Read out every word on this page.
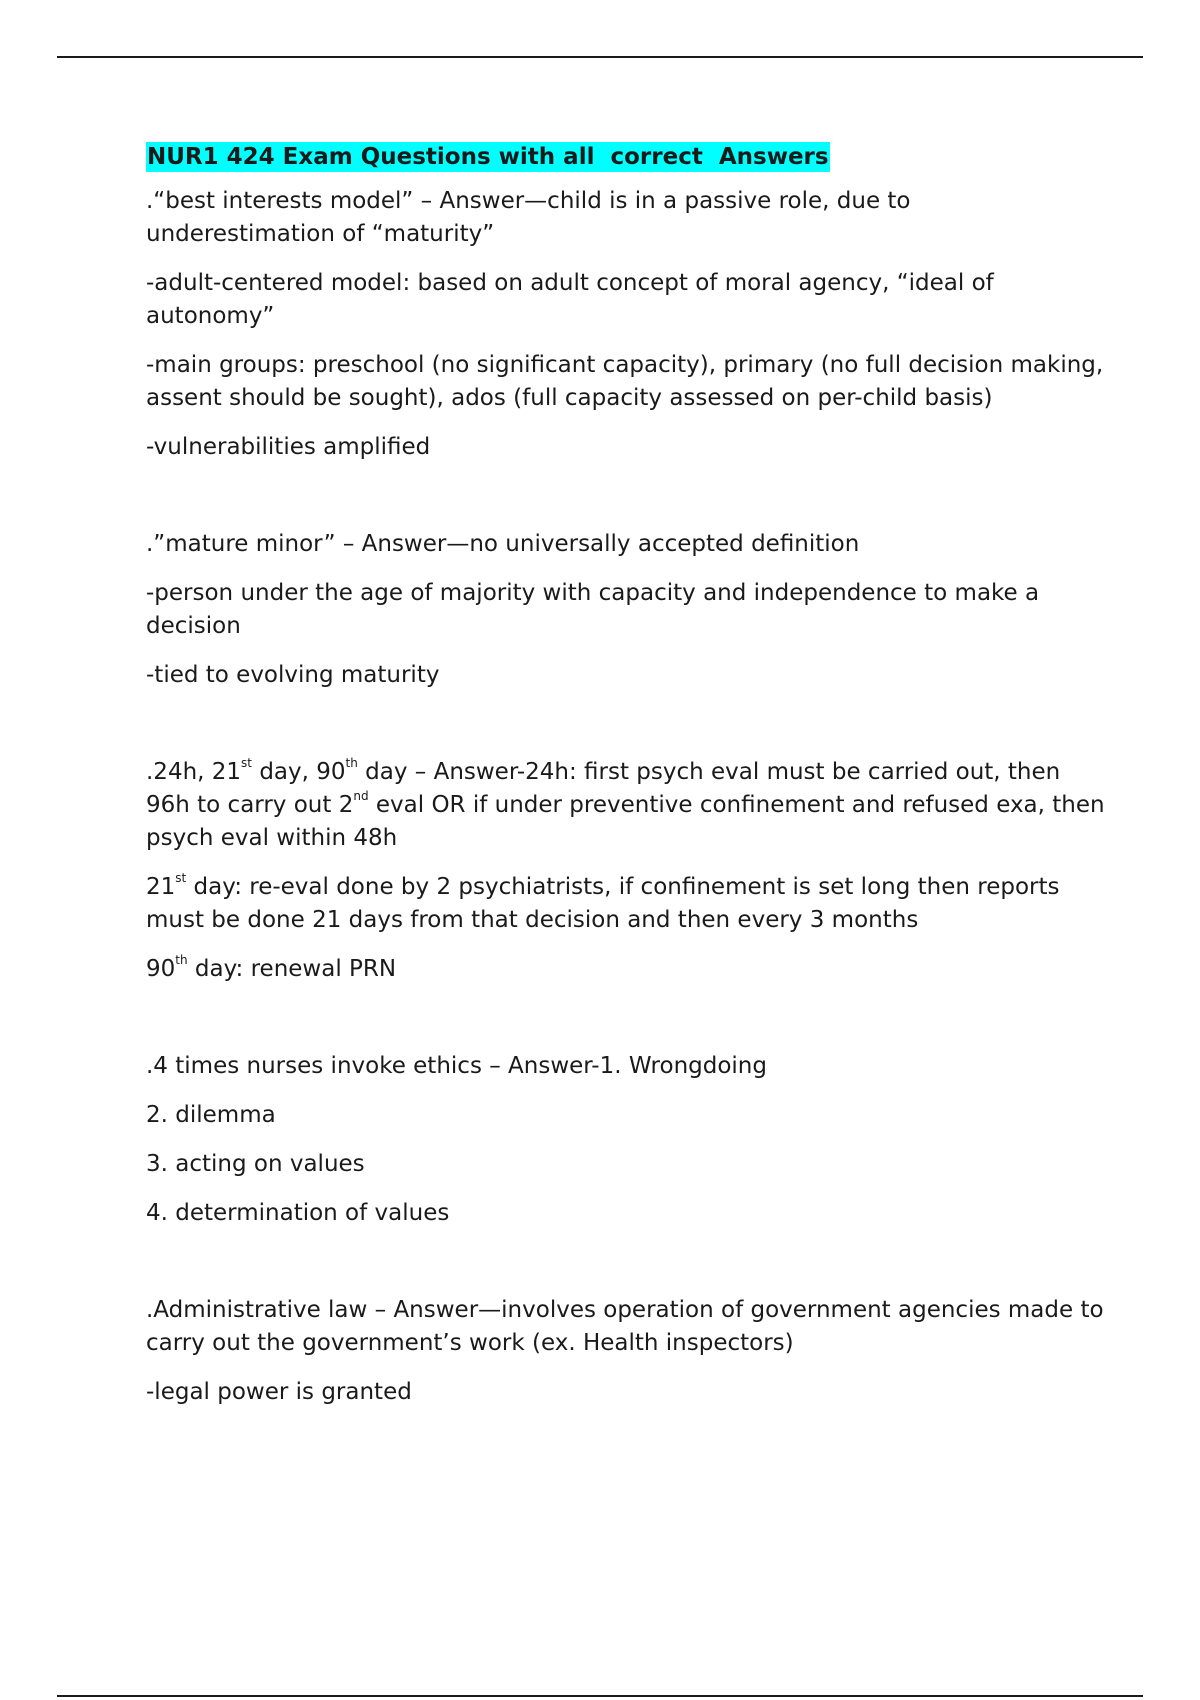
NUR1 424 Exam Questions with all  correct  Answers

.“best interests model” – Answer—child is in a passive role, due to underestimation of “maturity”

-adult-centered model: based on adult concept of moral agency, “ideal of autonomy”

-main groups: preschool (no significant capacity), primary (no full decision making, assent should be sought), ados (full capacity assessed on per-child basis)

-vulnerabilities amplified

.”mature minor” – Answer—no universally accepted definition

-person under the age of majority with capacity and independence to make a decision

-tied to evolving maturity

.24h, 21st day, 90th day – Answer-24h: first psych eval must be carried out, then 96h to carry out 2nd eval OR if under preventive confinement and refused exa, then psych eval within 48h

21st day: re-eval done by 2 psychiatrists, if confinement is set long then reports must be done 21 days from that decision and then every 3 months

90th day: renewal PRN

.4 times nurses invoke ethics – Answer-1. Wrongdoing

2. dilemma

3. acting on values

4. determination of values

.Administrative law – Answer—involves operation of government agencies made to carry out the government’s work (ex. Health inspectors)

-legal power is granted
